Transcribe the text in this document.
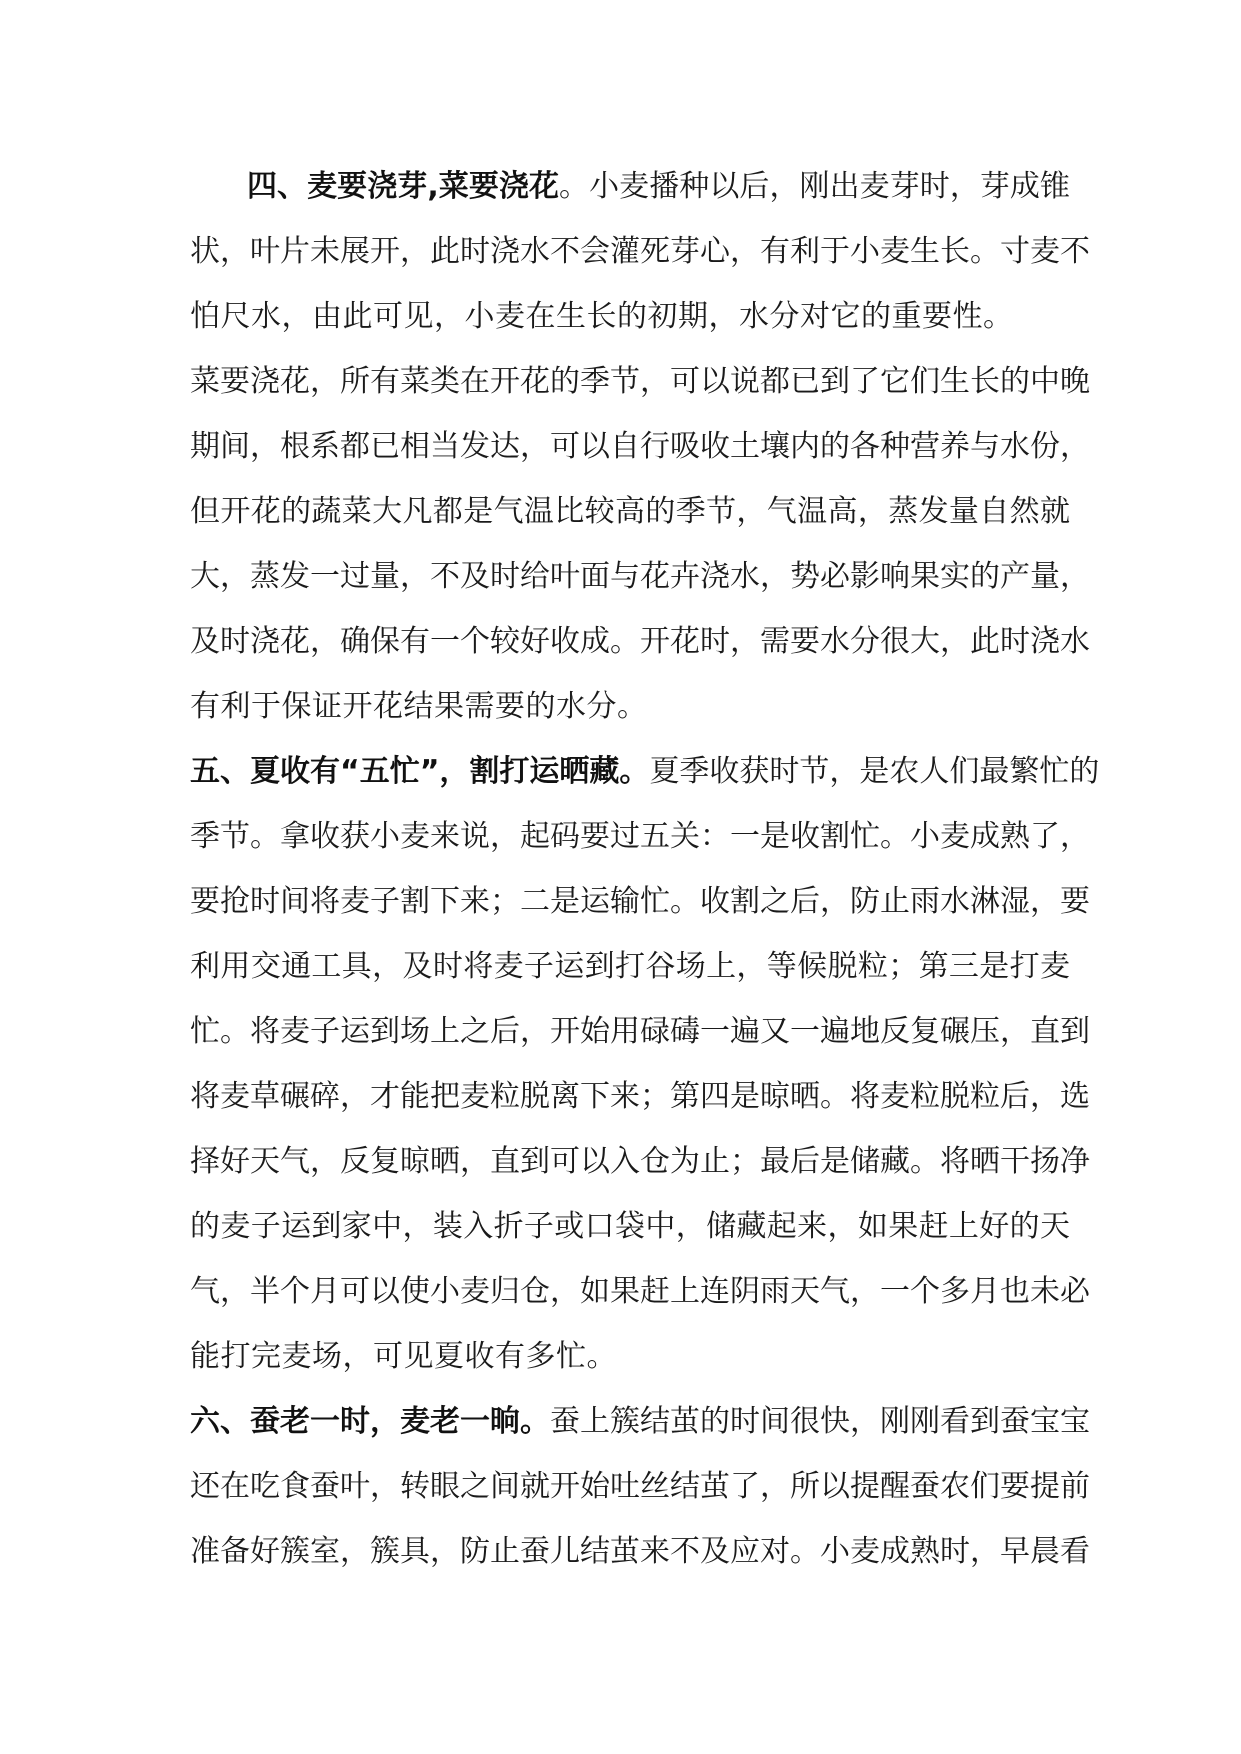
四、麦要浇芽,菜要浇花。小麦播种以后，刚出麦芽时，芽成锥
状，叶片未展开，此时浇水不会灌死芽心，有利于小麦生长。寸麦不
怕尺水，由此可见，小麦在生长的初期，水分对它的重要性。
菜要浇花，所有菜类在开花的季节，可以说都已到了它们生长的中晚
期间，根系都已相当发达，可以自行吸收土壤内的各种营养与水份，
但开花的蔬菜大凡都是气温比较高的季节，气温高，蒸发量自然就
大，蒸发一过量，不及时给叶面与花卉浇水，势必影响果实的产量，
及时浇花，确保有一个较好收成。开花时，需要水分很大，此时浇水
有利于保证开花结果需要的水分。
五、夏收有“五忙”，割打运晒藏。夏季收获时节，是农人们最繁忙的
季节。拿收获小麦来说，起码要过五关：一是收割忙。小麦成熟了，
要抢时间将麦子割下来；二是运输忙。收割之后，防止雨水淋湿，要
利用交通工具，及时将麦子运到打谷场上，等候脱粒；第三是打麦
忙。将麦子运到场上之后，开始用碌碡一遍又一遍地反复碾压，直到
将麦草碾碎，才能把麦粒脱离下来；第四是晾晒。将麦粒脱粒后，选
择好天气，反复晾晒，直到可以入仓为止；最后是储藏。将晒干扬净
的麦子运到家中，装入折子或口袋中，储藏起来，如果赶上好的天
气，半个月可以使小麦归仓，如果赶上连阴雨天气，一个多月也未必
能打完麦场，可见夏收有多忙。
六、蚕老一时，麦老一晌。蚕上簇结茧的时间很快，刚刚看到蚕宝宝
还在吃食蚕叶，转眼之间就开始吐丝结茧了，所以提醒蚕农们要提前
准备好簇室，簇具，防止蚕儿结茧来不及应对。小麦成熟时，早晨看
